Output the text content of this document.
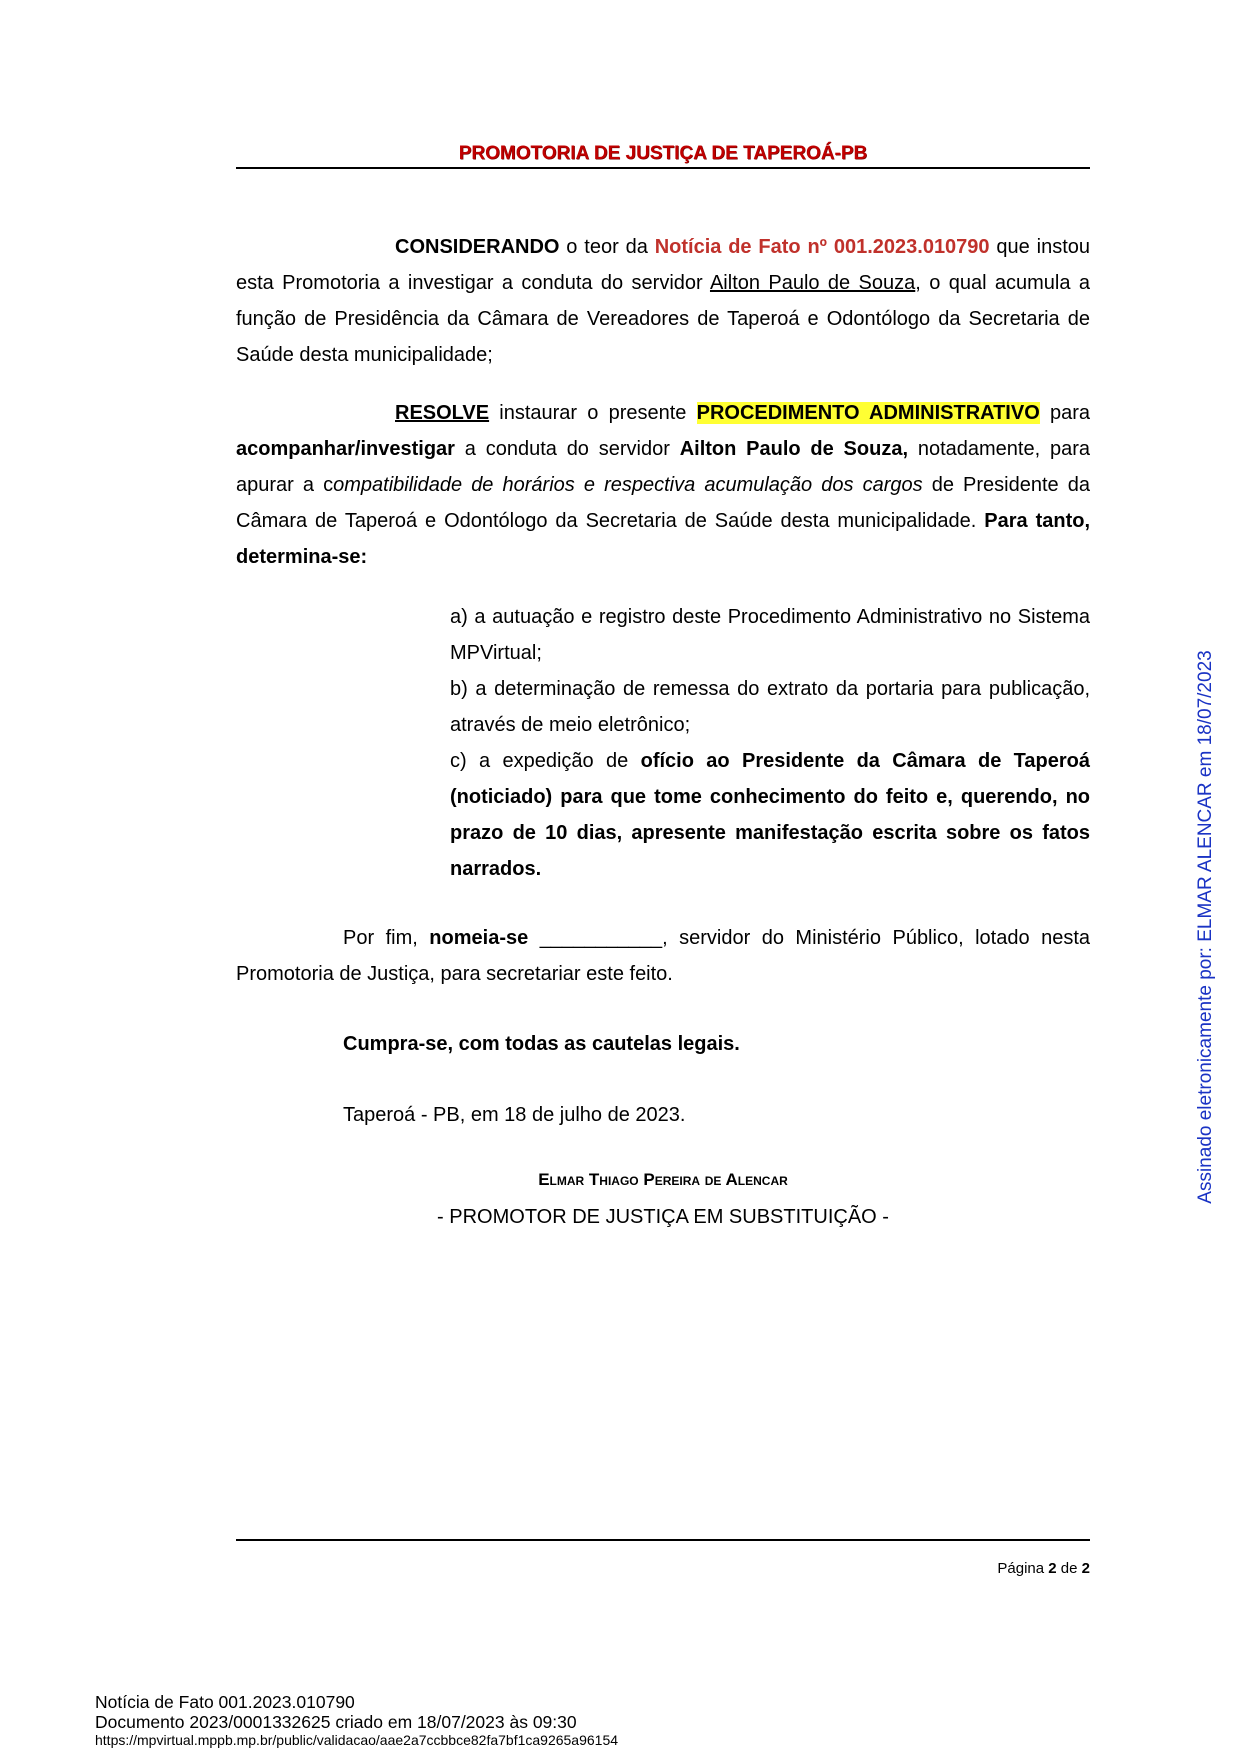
PROMOTORIA DE JUSTIÇA DE TAPEROÁ-PB

CONSIDERANDO o teor da Notícia de Fato nº 001.2023.010790 que instou esta Promotoria a investigar a conduta do servidor Ailton Paulo de Souza, o qual acumula a função de Presidência da Câmara de Vereadores de Taperoá e Odontólogo da Secretaria de Saúde desta municipalidade;

RESOLVE instaurar o presente PROCEDIMENTO ADMINISTRATIVO para acompanhar/investigar a conduta do servidor Ailton Paulo de Souza, notadamente, para apurar a compatibilidade de horários e respectiva acumulação dos cargos de Presidente da Câmara de Taperoá e Odontólogo da Secretaria de Saúde desta municipalidade. Para tanto, determina-se:

a) a autuação e registro deste Procedimento Administrativo no Sistema MPVirtual;

b) a determinação de remessa do extrato da portaria para publicação, através de meio eletrônico;

c) a expedição de ofício ao Presidente da Câmara de Taperoá (noticiado) para que tome conhecimento do feito e, querendo, no prazo de 10 dias, apresente manifestação escrita sobre os fatos narrados.

Por fim, nomeia-se ___________, servidor do Ministério Público, lotado nesta Promotoria de Justiça, para secretariar este feito.

Cumpra-se, com todas as cautelas legais.

Taperoá - PB, em 18 de julho de 2023.

Elmar Thiago Pereira de Alencar
- PROMOTOR DE JUSTIÇA EM SUBSTITUIÇÃO -
Página 2 de 2
Assinado eletronicamente por: ELMAR ALENCAR em 18/07/2023
Notícia de Fato 001.2023.010790
Documento 2023/0001332625 criado em 18/07/2023 às 09:30
https://mpvirtual.mppb.mp.br/public/validacao/aae2a7ccbbce82fa7bf1ca9265a96154
